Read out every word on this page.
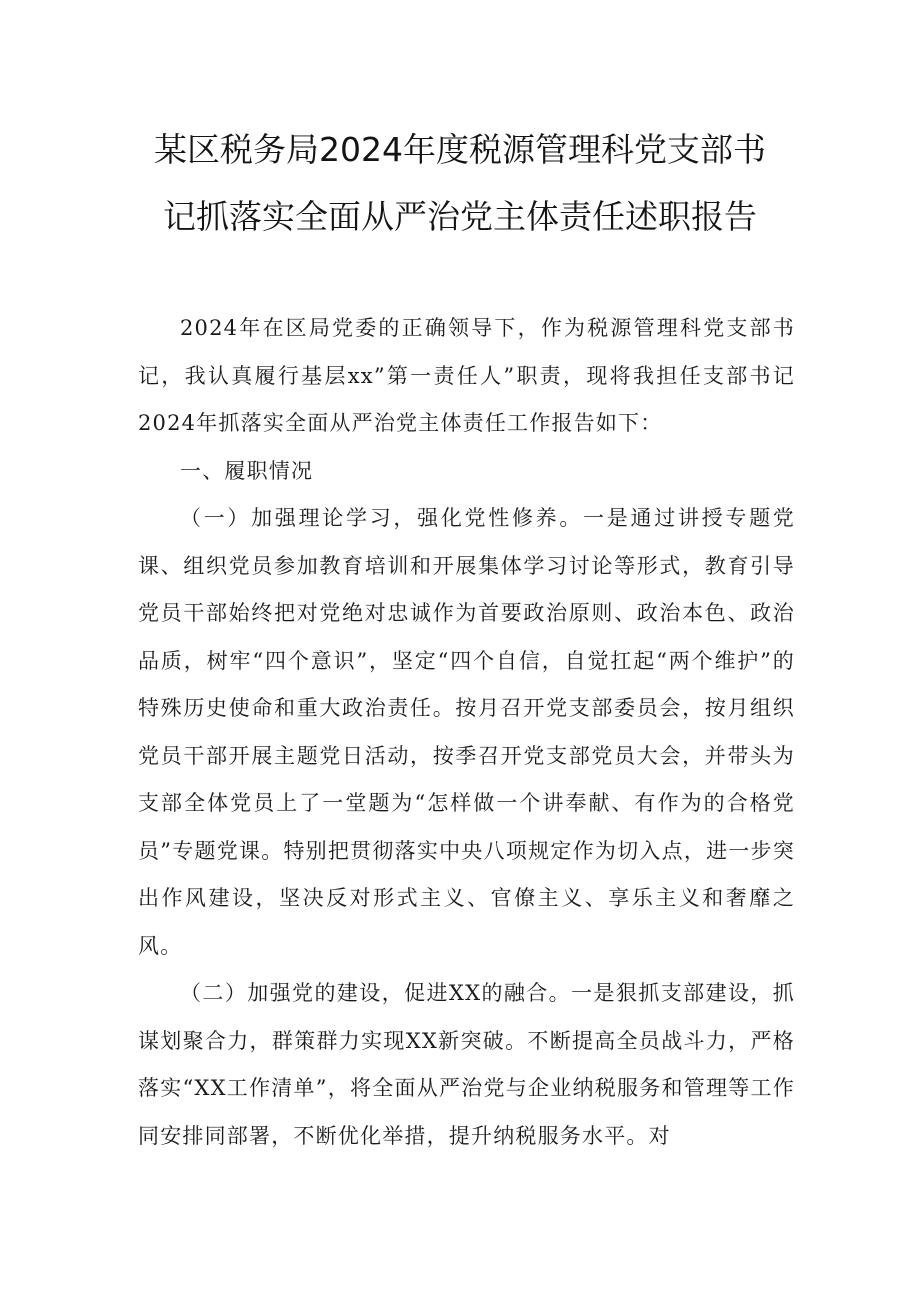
某区税务局2024年度税源管理科党支部书
记抓落实全面从严治党主体责任述职报告

2024年在区局党委的正确领导下，作为税源管理科党支部书记，我认真履行基层xx”第一责任人”职责，现将我担任支部书记2024年抓落实全面从严治党主体责任工作报告如下：

一、履职情况

（一）加强理论学习，强化党性修养。一是通过讲授专题党课、组织党员参加教育培训和开展集体学习讨论等形式，教育引导党员干部始终把对党绝对忠诚作为首要政治原则、政治本色、政治品质，树牢“四个意识”，坚定“四个自信，自觉扛起“两个维护”的特殊历史使命和重大政治责任。按月召开党支部委员会，按月组织党员干部开展主题党日活动，按季召开党支部党员大会，并带头为支部全体党员上了一堂题为“怎样做一个讲奉献、有作为的合格党员”专题党课。特别把贯彻落实中央八项规定作为切入点，进一步突出作风建设，坚决反对形式主义、官僚主义、享乐主义和奢靡之风。

（二）加强党的建设，促进XX的融合。一是狠抓支部建设，抓谋划聚合力，群策群力实现XX新突破。不断提高全员战斗力，严格落实“XX工作清单”，将全面从严治党与企业纳税服务和管理等工作同安排同部署，不断优化举措，提升纳税服务水平。对
